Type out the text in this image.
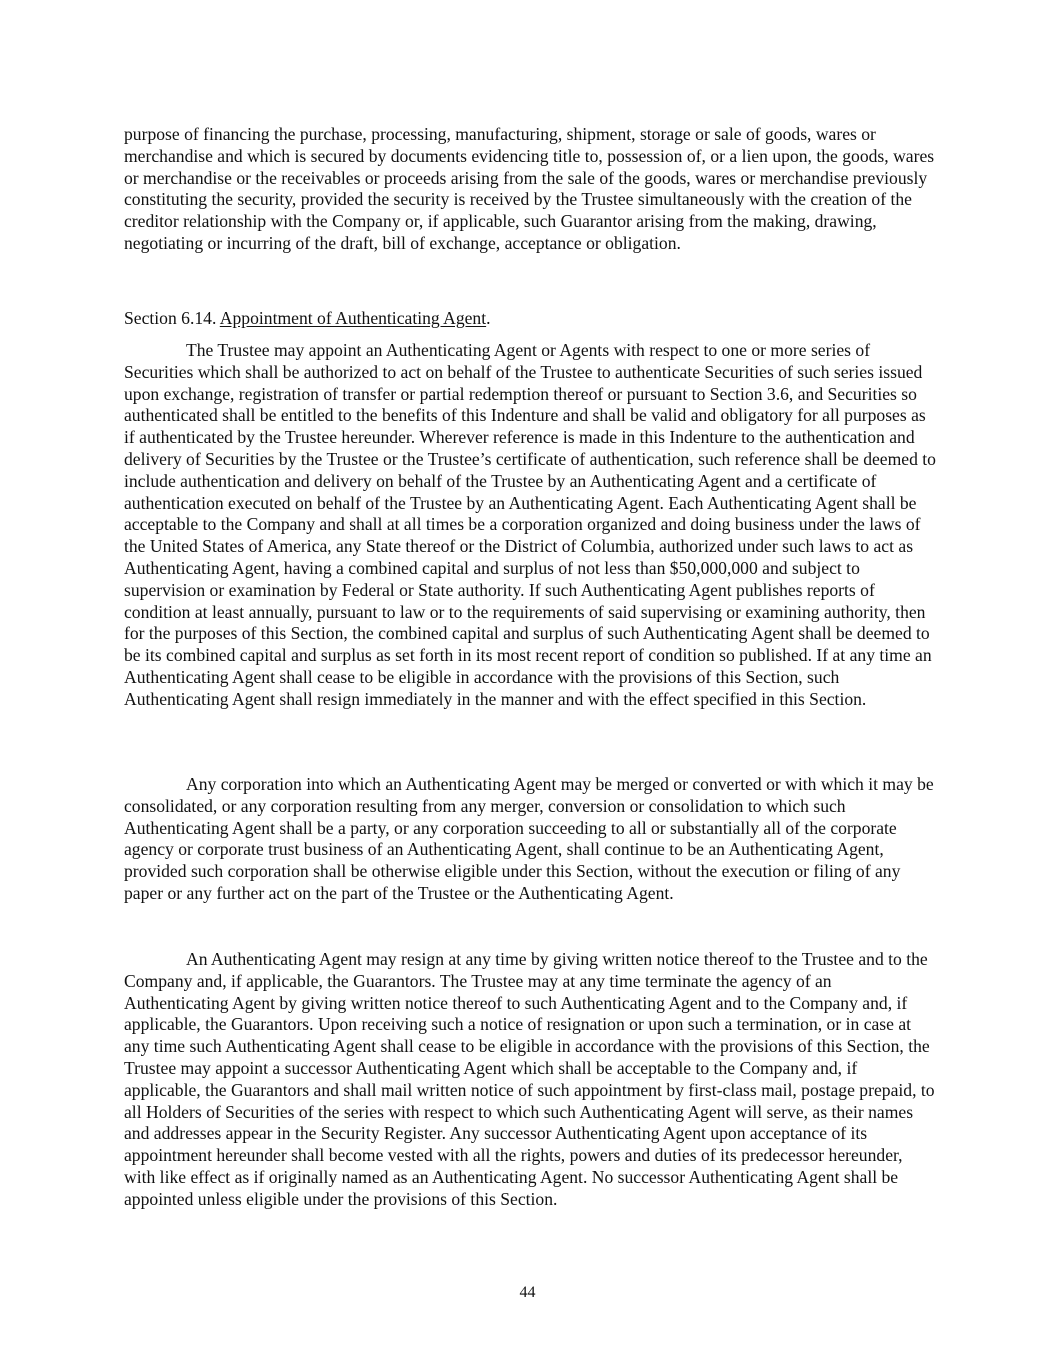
purpose of financing the purchase, processing, manufacturing, shipment, storage or sale of goods, wares or merchandise and which is secured by documents evidencing title to, possession of, or a lien upon, the goods, wares or merchandise or the receivables or proceeds arising from the sale of the goods, wares or merchandise previously constituting the security, provided the security is received by the Trustee simultaneously with the creation of the creditor relationship with the Company or, if applicable, such Guarantor arising from the making, drawing, negotiating or incurring of the draft, bill of exchange, acceptance or obligation.

Section 6.14. Appointment of Authenticating Agent.

The Trustee may appoint an Authenticating Agent or Agents with respect to one or more series of Securities which shall be authorized to act on behalf of the Trustee to authenticate Securities of such series issued upon exchange, registration of transfer or partial redemption thereof or pursuant to Section 3.6, and Securities so authenticated shall be entitled to the benefits of this Indenture and shall be valid and obligatory for all purposes as if authenticated by the Trustee hereunder. Wherever reference is made in this Indenture to the authentication and delivery of Securities by the Trustee or the Trustee’s certificate of authentication, such reference shall be deemed to include authentication and delivery on behalf of the Trustee by an Authenticating Agent and a certificate of authentication executed on behalf of the Trustee by an Authenticating Agent. Each Authenticating Agent shall be acceptable to the Company and shall at all times be a corporation organized and doing business under the laws of the United States of America, any State thereof or the District of Columbia, authorized under such laws to act as Authenticating Agent, having a combined capital and surplus of not less than $50,000,000 and subject to supervision or examination by Federal or State authority. If such Authenticating Agent publishes reports of condition at least annually, pursuant to law or to the requirements of said supervising or examining authority, then for the purposes of this Section, the combined capital and surplus of such Authenticating Agent shall be deemed to be its combined capital and surplus as set forth in its most recent report of condition so published. If at any time an Authenticating Agent shall cease to be eligible in accordance with the provisions of this Section, such Authenticating Agent shall resign immediately in the manner and with the effect specified in this Section.

Any corporation into which an Authenticating Agent may be merged or converted or with which it may be consolidated, or any corporation resulting from any merger, conversion or consolidation to which such Authenticating Agent shall be a party, or any corporation succeeding to all or substantially all of the corporate agency or corporate trust business of an Authenticating Agent, shall continue to be an Authenticating Agent, provided such corporation shall be otherwise eligible under this Section, without the execution or filing of any paper or any further act on the part of the Trustee or the Authenticating Agent.

An Authenticating Agent may resign at any time by giving written notice thereof to the Trustee and to the Company and, if applicable, the Guarantors. The Trustee may at any time terminate the agency of an Authenticating Agent by giving written notice thereof to such Authenticating Agent and to the Company and, if applicable, the Guarantors. Upon receiving such a notice of resignation or upon such a termination, or in case at any time such Authenticating Agent shall cease to be eligible in accordance with the provisions of this Section, the Trustee may appoint a successor Authenticating Agent which shall be acceptable to the Company and, if applicable, the Guarantors and shall mail written notice of such appointment by first-class mail, postage prepaid, to all Holders of Securities of the series with respect to which such Authenticating Agent will serve, as their names and addresses appear in the Security Register. Any successor Authenticating Agent upon acceptance of its appointment hereunder shall become vested with all the rights, powers and duties of its predecessor hereunder, with like effect as if originally named as an Authenticating Agent. No successor Authenticating Agent shall be appointed unless eligible under the provisions of this Section.

44
